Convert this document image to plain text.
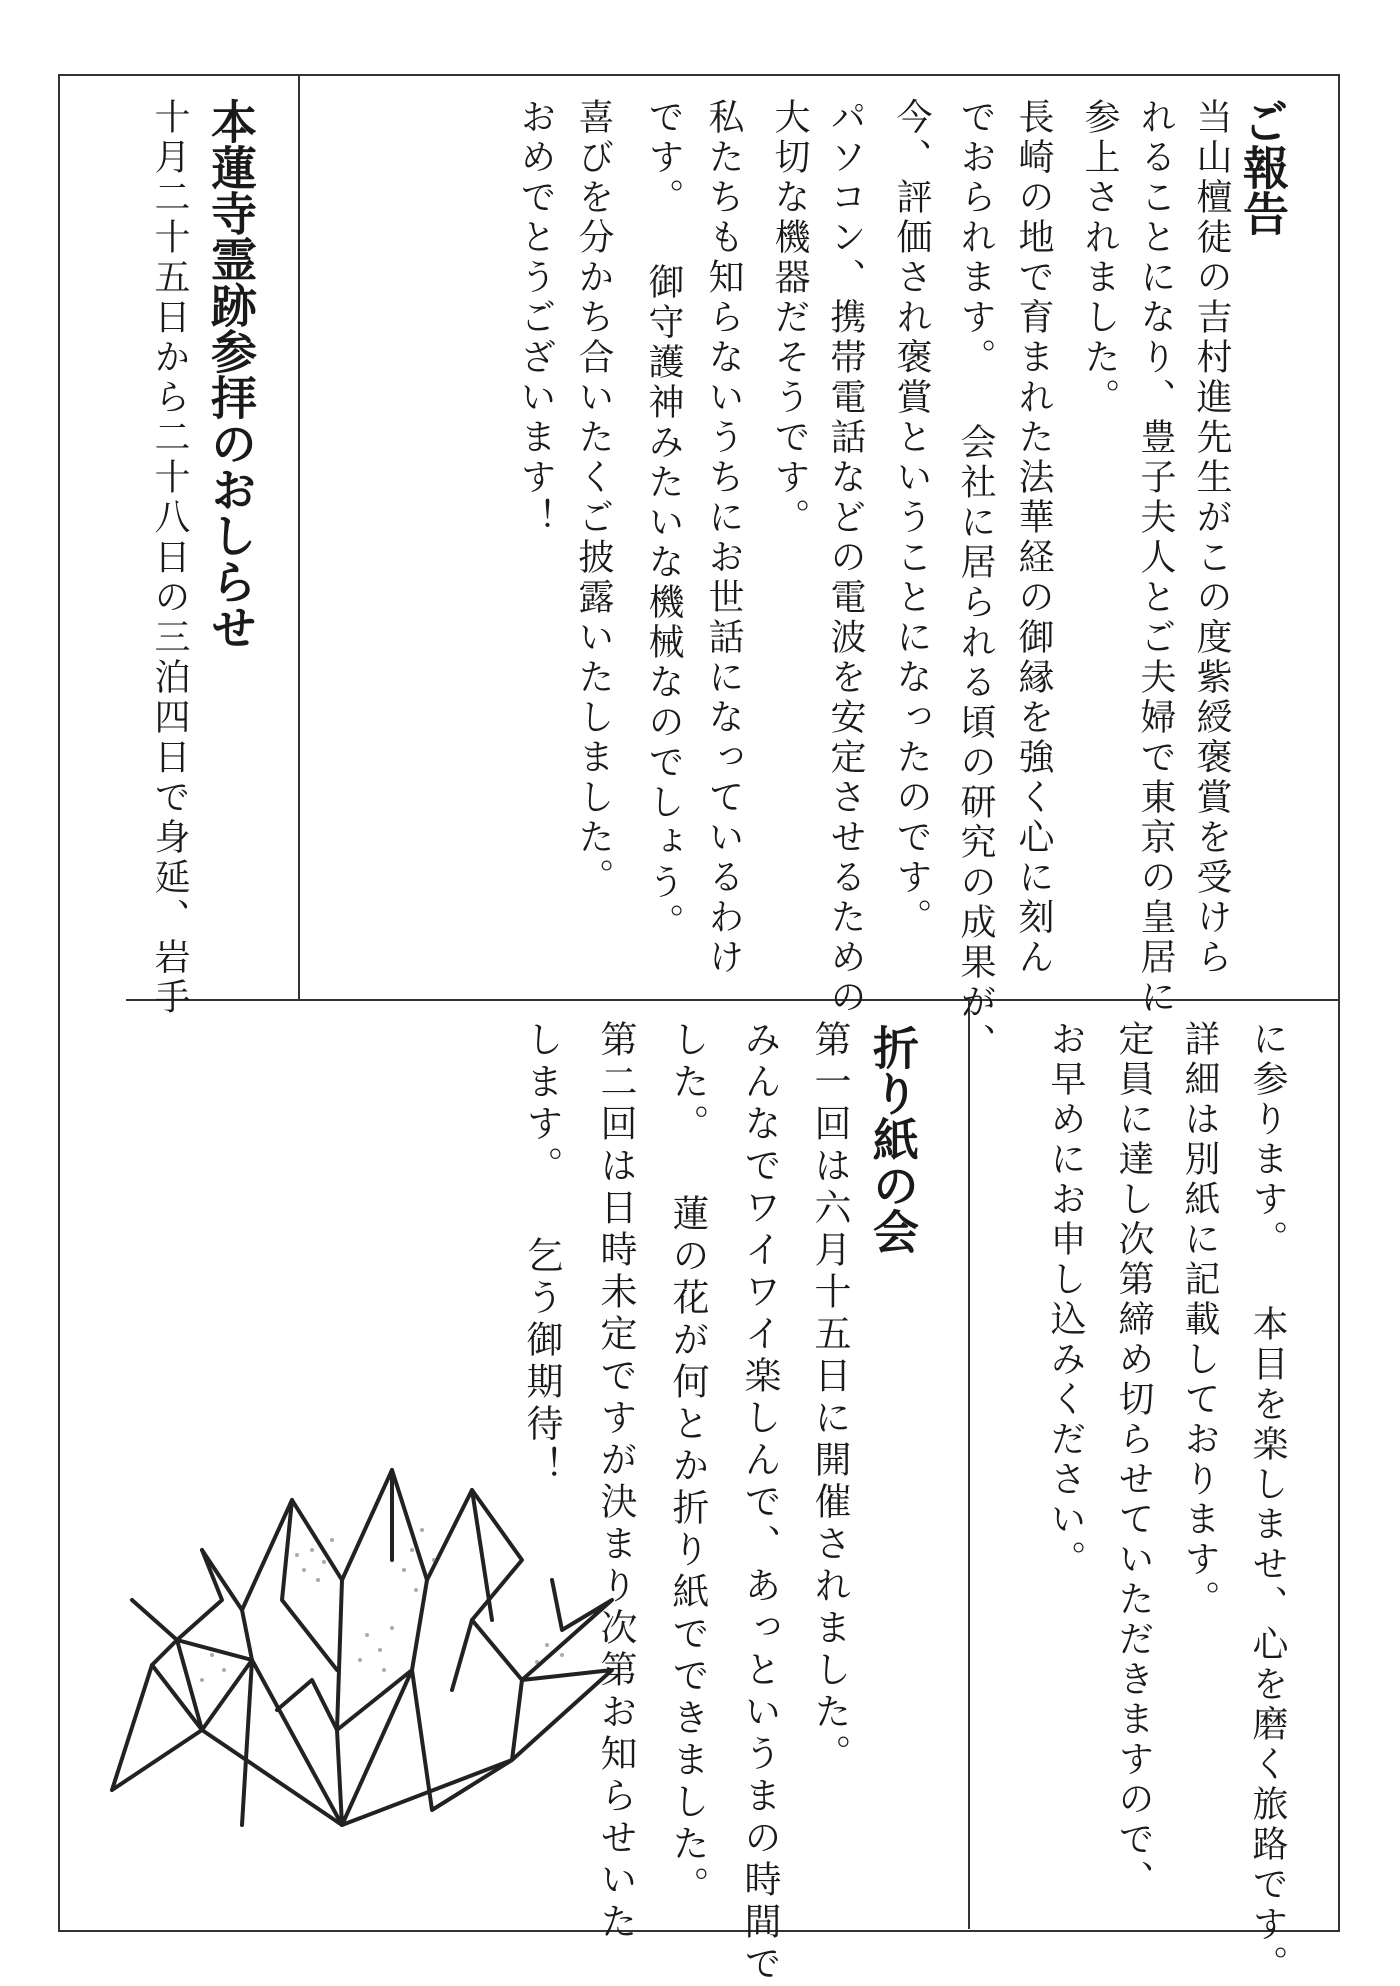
ご報告
当山檀徒の吉村進先生がこの度紫綬褒賞を受けら
れることになり、豊子夫人とご夫婦で東京の皇居に
参上されました。
長崎の地で育まれた法華経の御縁を強く心に刻ん
でおられます。 会社に居られる頃の研究の成果が、
今、評価され褒賞ということになったのです。
パソコン、携帯電話などの電波を安定させるための
大切な機器だそうです。
私たちも知らないうちにお世話になっているわけ
です。 御守護神みたいな機械なのでしょう。
喜びを分かち合いたくご披露いたしました。
おめでとうございます！
本蓮寺霊跡参拝のおしらせ
十月二十五日から二十八日の三泊四日で身延、岩手
に参ります。 本目を楽しませ、心を磨く旅路です。
詳細は別紙に記載しております。
定員に達し次第締め切らせていただきますので、
お早めにお申し込みください。
折り紙の会
第一回は六月十五日に開催されました。
みんなでワイワイ楽しんで、あっというまの時間で
した。 蓮の花が何とか折り紙でできました。
第二回は日時未定ですが決まり次第お知らせいた
します。 乞う御期待！
